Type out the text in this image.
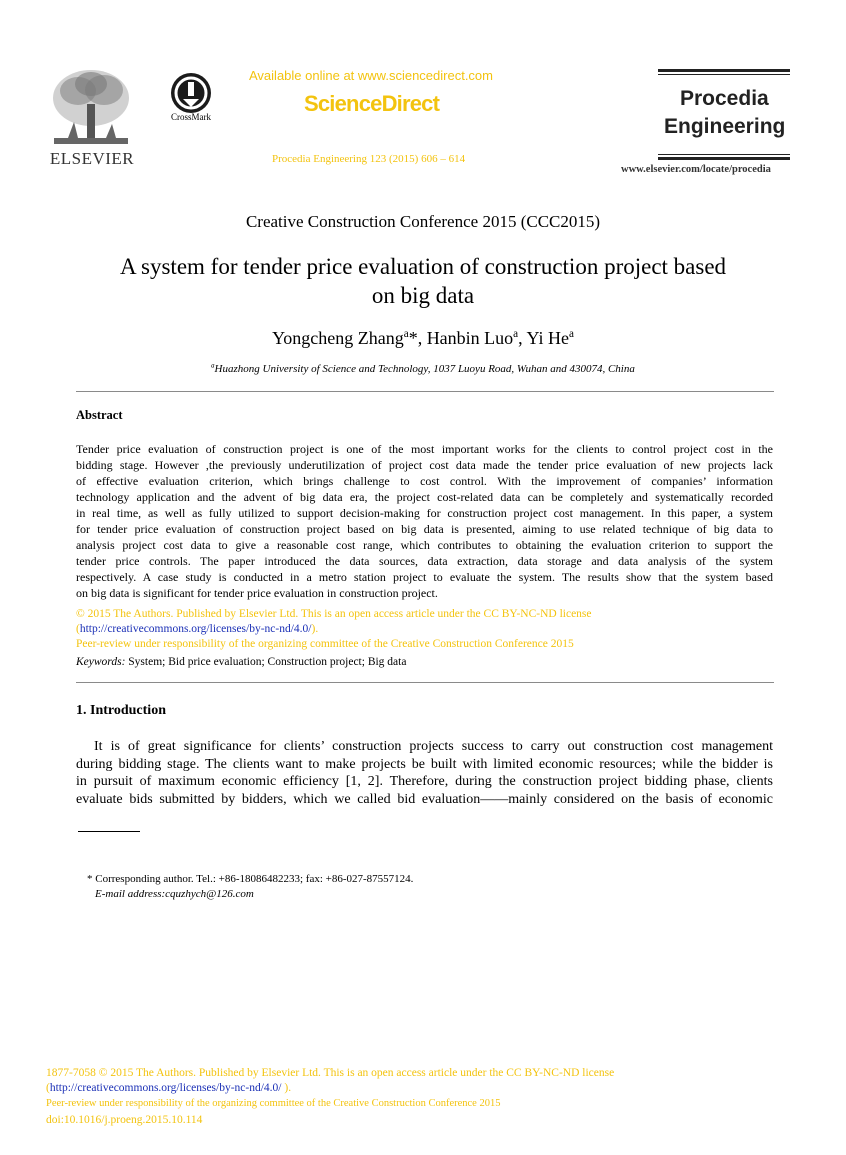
ELSEVIER
CrossMark
Available online at www.sciencedirect.com
ScienceDirect
Procedia Engineering 123 (2015) 606 – 614
Procedia
Engineering
www.elsevier.com/locate/procedia
Creative Construction Conference 2015 (CCC2015)
A system for tender price evaluation of construction project based
on big data
Yongcheng Zhang$^a$*, Hanbin Luo$^a$, Yi He$^a$
$^a$Huazhong University of Science and Technology, 1037 Luoyu Road, Wuhan and 430074, China
Abstract
Tender price evaluation of construction project is one of the most important works for the clients to control project cost in the
bidding stage. However ,the previously underutilization of project cost data made the tender price evaluation of new projects lack
of effective evaluation criterion, which brings challenge to cost control. With the improvement of companies’ information
technology application and the advent of big data era, the project cost-related data can be completely and systematically recorded
in real time, as well as fully utilized to support decision-making for construction project cost management. In this paper, a system
for tender price evaluation of construction project based on big data is presented, aiming to use related technique of big data to
analysis project cost data to give a reasonable cost range, which contributes to obtaining the evaluation criterion to support the
tender price controls. The paper introduced the data sources, data extraction, data storage and data analysis of the system
respectively. A case study is conducted in a metro station project to evaluate the system. The results show that the system based
on big data is significant for tender price evaluation in construction project.
© 2015 The Authors. Published by Elsevier Ltd. This is an open access article under the CC BY-NC-ND license
(http://creativecommons.org/licenses/by-nc-nd/4.0/).
Peer-review under responsibility of the organizing committee of the Creative Construction Conference 2015
Keywords: System; Bid price evaluation; Construction project; Big data
1. Introduction
It is of great significance for clients’ construction projects success to carry out construction cost management
during bidding stage. The clients want to make projects be built with limited economic resources; while the bidder is
in pursuit of maximum economic efficiency [1, 2]. Therefore, during the construction project bidding phase, clients
evaluate bids submitted by bidders, which we called bid evaluation——mainly considered on the basis of economic
* Corresponding author. Tel.: +86-18086482233; fax: +86-027-87557124.
E-mail address:cquzhych@126.com
1877-7058 © 2015 The Authors. Published by Elsevier Ltd. This is an open access article under the CC BY-NC-ND license
(http://creativecommons.org/licenses/by-nc-nd/4.0/ ).
Peer-review under responsibility of the organizing committee of the Creative Construction Conference 2015
doi:10.1016/j.proeng.2015.10.114
